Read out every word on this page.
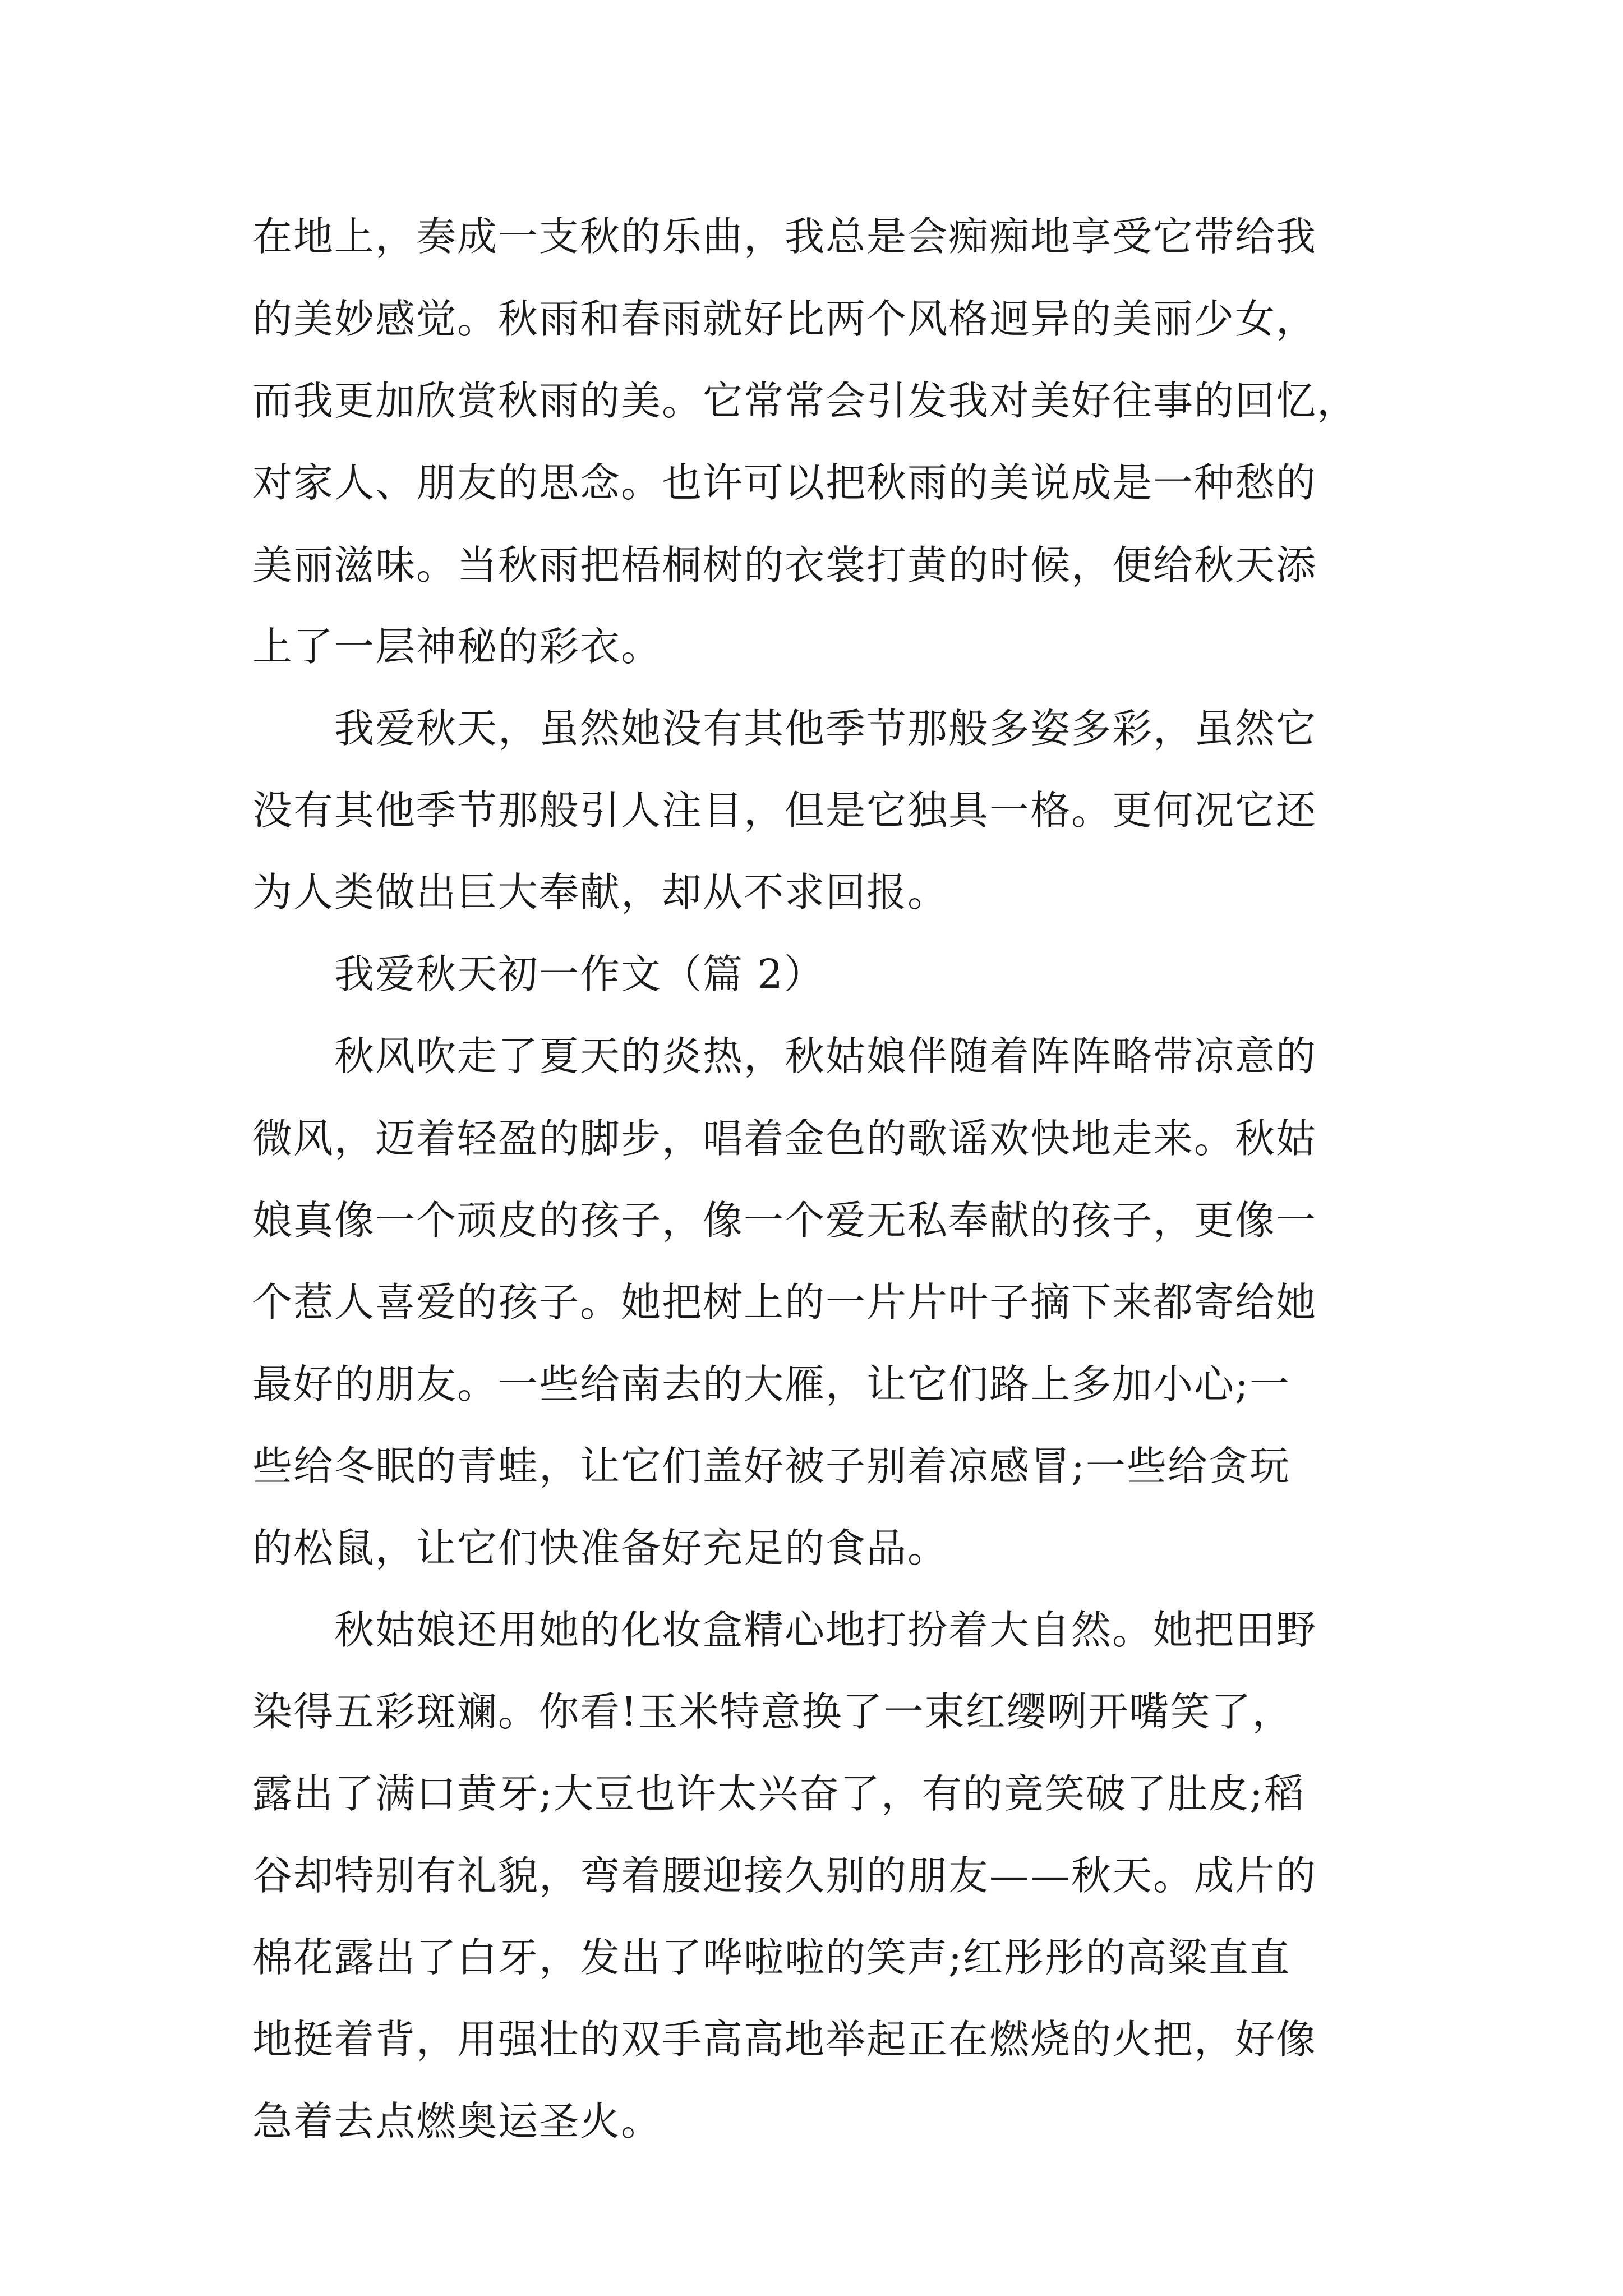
在地上，奏成一支秋的乐曲，我总是会痴痴地享受它带给我
的美妙感觉。秋雨和春雨就好比两个风格迥异的美丽少女，
而我更加欣赏秋雨的美。它常常会引发我对美好往事的回忆，
对家人、朋友的思念。也许可以把秋雨的美说成是一种愁的
美丽滋味。当秋雨把梧桐树的衣裳打黄的时候，便给秋天添
上了一层神秘的彩衣。
我爱秋天，虽然她没有其他季节那般多姿多彩，虽然它
没有其他季节那般引人注目，但是它独具一格。更何况它还
为人类做出巨大奉献，却从不求回报。
我爱秋天初一作文（篇 2）
秋风吹走了夏天的炎热，秋姑娘伴随着阵阵略带凉意的
微风，迈着轻盈的脚步，唱着金色的歌谣欢快地走来。秋姑
娘真像一个顽皮的孩子，像一个爱无私奉献的孩子，更像一
个惹人喜爱的孩子。她把树上的一片片叶子摘下来都寄给她
最好的朋友。一些给南去的大雁，让它们路上多加小心;一
些给冬眠的青蛙，让它们盖好被子别着凉感冒;一些给贪玩
的松鼠，让它们快准备好充足的食品。
秋姑娘还用她的化妆盒精心地打扮着大自然。她把田野
染得五彩斑斓。你看!玉米特意换了一束红缨咧开嘴笑了，
露出了满口黄牙;大豆也许太兴奋了，有的竟笑破了肚皮;稻
谷却特别有礼貌，弯着腰迎接久别的朋友——秋天。成片的
棉花露出了白牙，发出了哗啦啦的笑声;红彤彤的高粱直直
地挺着背，用强壮的双手高高地举起正在燃烧的火把，好像
急着去点燃奥运圣火。
